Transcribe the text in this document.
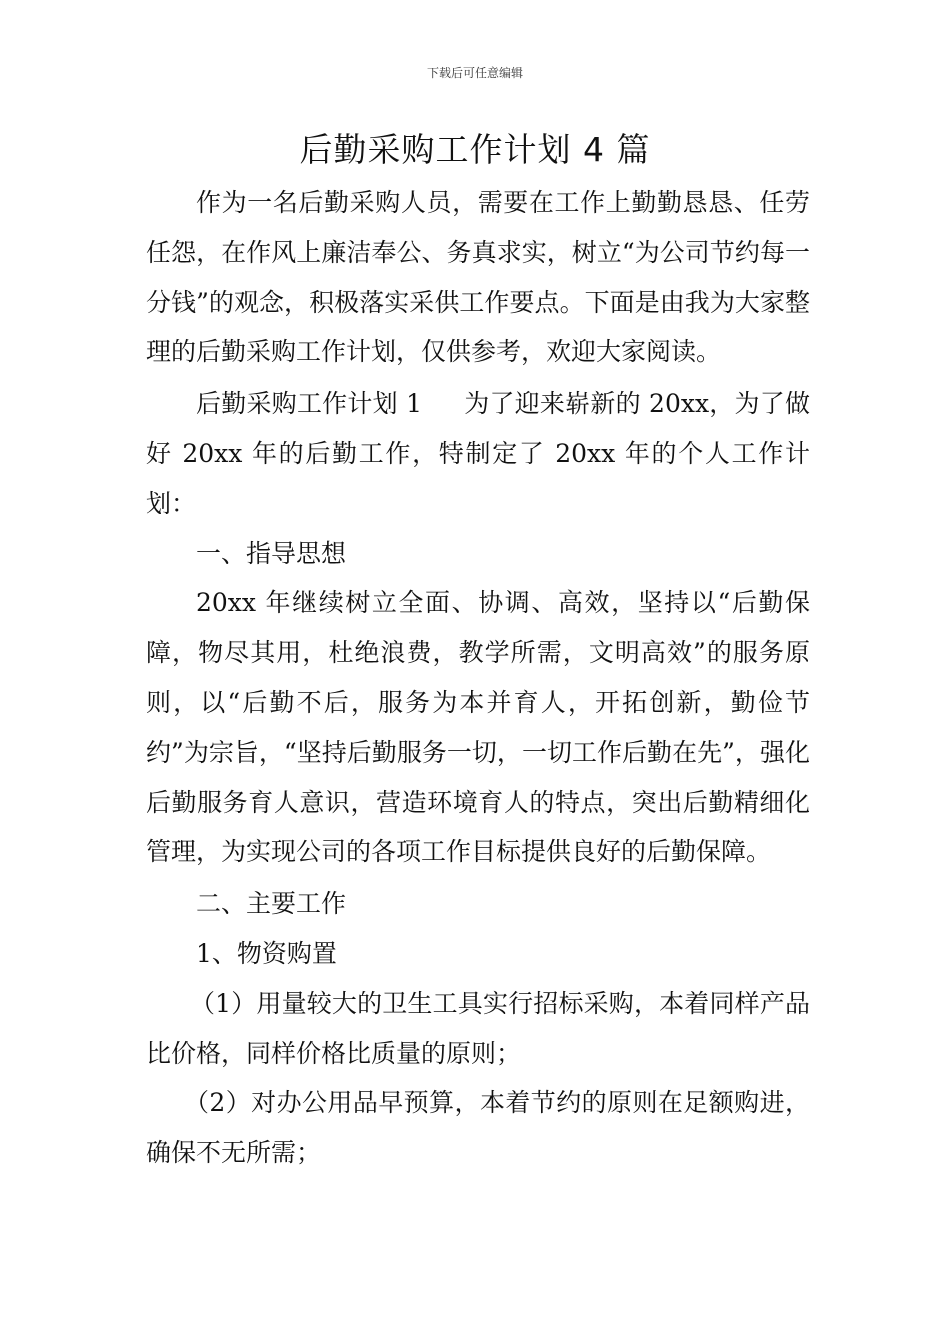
下载后可任意编辑
后勤采购工作计划 4 篇

作为一名后勤采购人员，需要在工作上勤勤恳恳、任劳任怨，在作风上廉洁奉公、务真求实，树立“为公司节约每一分钱”的观念，积极落实采供工作要点。下面是由我为大家整理的后勤采购工作计划，仅供参考，欢迎大家阅读。

后勤采购工作计划 1 为了迎来崭新的 20xx，为了做好 20xx 年的后勤工作，特制定了 20xx 年的个人工作计划：

一、指导思想

20xx 年继续树立全面、协调、高效，坚持以“后勤保障，物尽其用，杜绝浪费，教学所需，文明高效”的服务原则，以“后勤不后，服务为本并育人，开拓创新，勤俭节约”为宗旨，“坚持后勤服务一切，一切工作后勤在先”，强化后勤服务育人意识，营造环境育人的特点，突出后勤精细化管理，为实现公司的各项工作目标提供良好的后勤保障。

二、主要工作

1、物资购置

（1）用量较大的卫生工具实行招标采购，本着同样产品比价格，同样价格比质量的原则；

（2）对办公用品早预算，本着节约的原则在足额购进，确保不无所需；
